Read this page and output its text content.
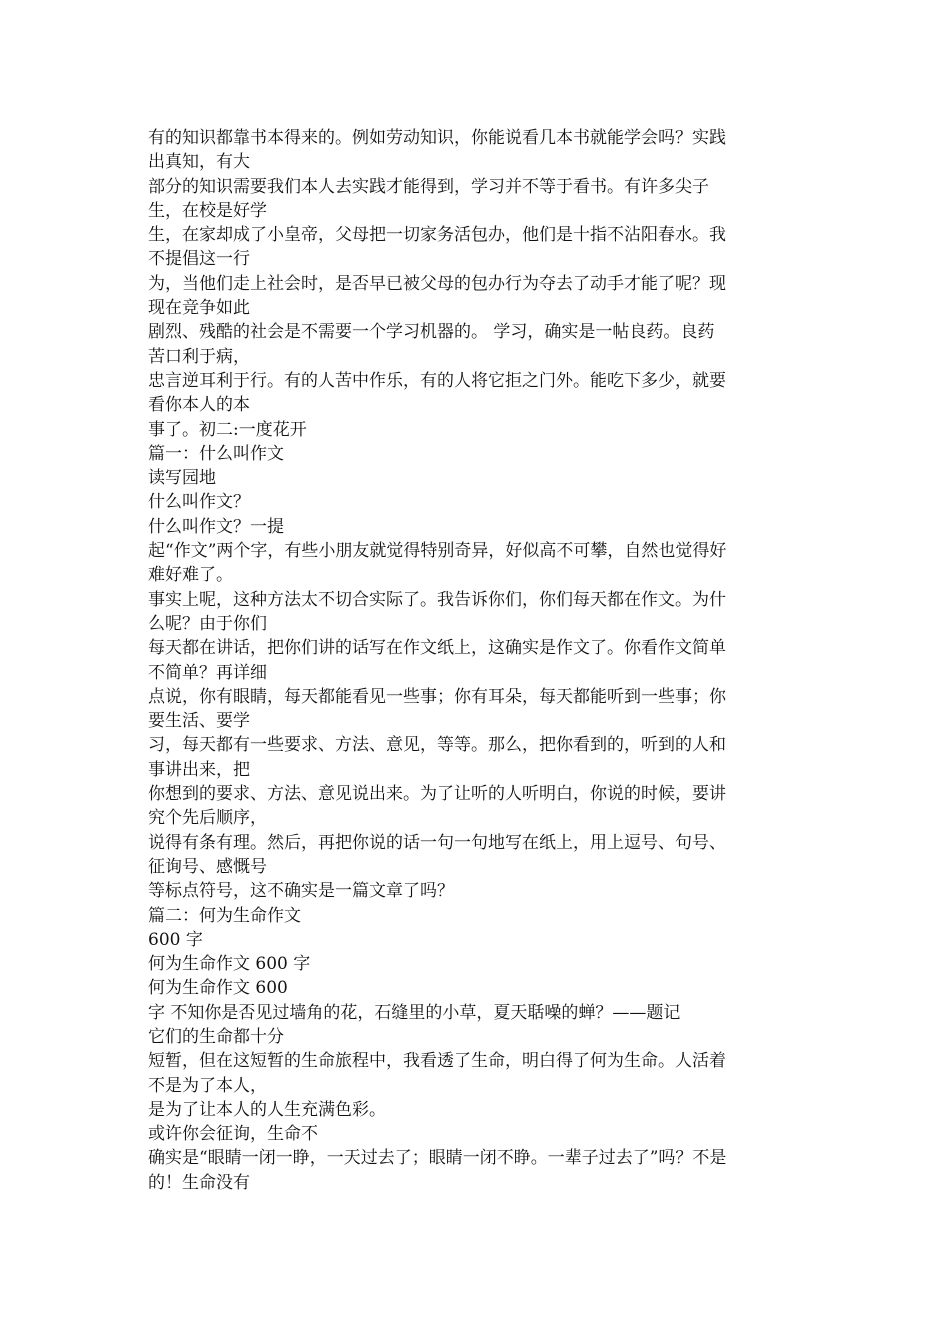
有的知识都靠书本得来的。例如劳动知识，你能说看几本书就能学会吗？实践
出真知，有大
部分的知识需要我们本人去实践才能得到，学习并不等于看书。有许多尖子
生，在校是好学
生，在家却成了小皇帝，父母把一切家务活包办，他们是十指不沾阳春水。我
不提倡这一行
为，当他们走上社会时，是否早已被父母的包办行为夺去了动手才能了呢？现
现在竞争如此
剧烈、残酷的社会是不需要一个学习机器的。 学习，确实是一帖良药。良药
苦口利于病，
忠言逆耳利于行。有的人苦中作乐，有的人将它拒之门外。能吃下多少，就要
看你本人的本
事了。初二:一度花开
篇一：什么叫作文
读写园地
什么叫作文？
什么叫作文？一提
起“作文”两个字，有些小朋友就觉得特别奇异，好似高不可攀，自然也觉得好
难好难了。
事实上呢，这种方法太不切合实际了。我告诉你们，你们每天都在作文。为什
么呢？由于你们
每天都在讲话，把你们讲的话写在作文纸上，这确实是作文了。你看作文简单
不简单？再详细
点说，你有眼睛，每天都能看见一些事；你有耳朵，每天都能听到一些事；你
要生活、要学
习，每天都有一些要求、方法、意见，等等。那么，把你看到的，听到的人和
事讲出来，把
你想到的要求、方法、意见说出来。为了让听的人听明白，你说的时候，要讲
究个先后顺序，
说得有条有理。然后，再把你说的话一句一句地写在纸上，用上逗号、句号、
征询号、感慨号
等标点符号，这不确实是一篇文章了吗？
篇二：何为生命作文
600 字
何为生命作文 600 字
何为生命作文 600
字 不知你是否见过墙角的花，石缝里的小草，夏天聒噪的蝉？——题记
它们的生命都十分
短暂，但在这短暂的生命旅程中，我看透了生命，明白得了何为生命。人活着
不是为了本人，
是为了让本人的人生充满色彩。
或许你会征询，生命不
确实是“眼睛一闭一睁，一天过去了；眼睛一闭不睁。一辈子过去了”吗？不是
的！生命没有
